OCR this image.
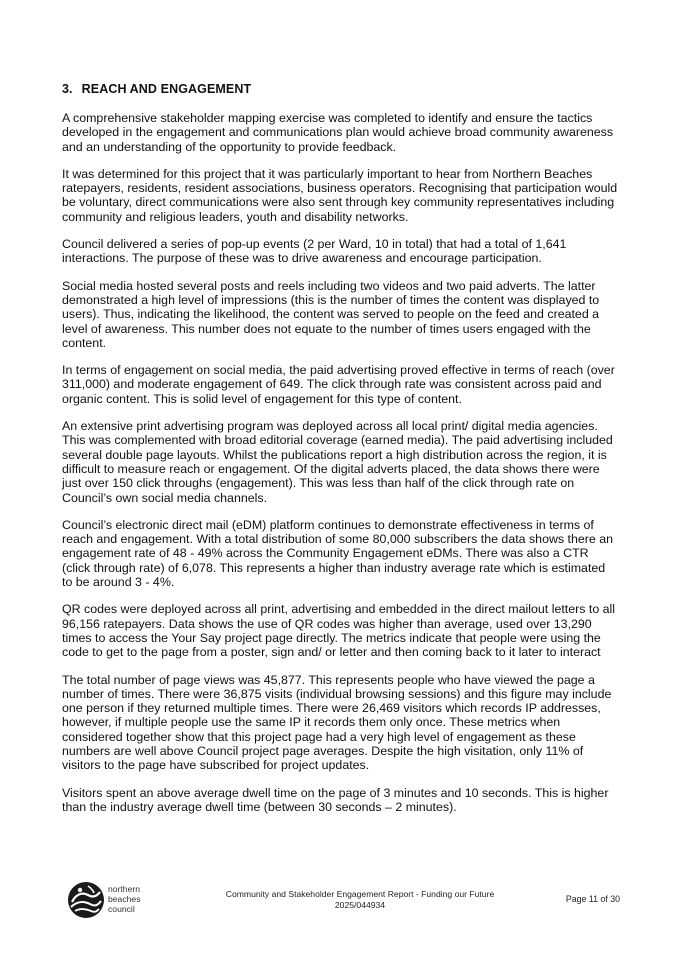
3. REACH AND ENGAGEMENT

A comprehensive stakeholder mapping exercise was completed to identify and ensure the tactics developed in the engagement and communications plan would achieve broad community awareness and an understanding of the opportunity to provide feedback.

It was determined for this project that it was particularly important to hear from Northern Beaches ratepayers, residents, resident associations, business operators. Recognising that participation would be voluntary, direct communications were also sent through key community representatives including community and religious leaders, youth and disability networks.

Council delivered a series of pop-up events (2 per Ward, 10 in total) that had a total of 1,641 interactions. The purpose of these was to drive awareness and encourage participation.

Social media hosted several posts and reels including two videos and two paid adverts. The latter demonstrated a high level of impressions (this is the number of times the content was displayed to users). Thus, indicating the likelihood, the content was served to people on the feed and created a level of awareness. This number does not equate to the number of times users engaged with the content.

In terms of engagement on social media, the paid advertising proved effective in terms of reach (over 311,000) and moderate engagement of 649. The click through rate was consistent across paid and organic content. This is solid level of engagement for this type of content.

An extensive print advertising program was deployed across all local print/ digital media agencies. This was complemented with broad editorial coverage (earned media). The paid advertising included several double page layouts. Whilst the publications report a high distribution across the region, it is difficult to measure reach or engagement. Of the digital adverts placed, the data shows there were just over 150 click throughs (engagement). This was less than half of the click through rate on Council’s own social media channels.

Council’s electronic direct mail (eDM) platform continues to demonstrate effectiveness in terms of reach and engagement. With a total distribution of some 80,000 subscribers the data shows there an engagement rate of 48 - 49% across the Community Engagement eDMs. There was also a CTR (click through rate) of 6,078. This represents a higher than industry average rate which is estimated to be around 3 - 4%.

QR codes were deployed across all print, advertising and embedded in the direct mailout letters to all 96,156 ratepayers. Data shows the use of QR codes was higher than average, used over 13,290 times to access the Your Say project page directly. The metrics indicate that people were using the code to get to the page from a poster, sign and/ or letter and then coming back to it later to interact

The total number of page views was 45,877. This represents people who have viewed the page a number of times. There were 36,875 visits (individual browsing sessions) and this figure may include one person if they returned multiple times. There were 26,469 visitors which records IP addresses, however, if multiple people use the same IP it records them only once. These metrics when considered together show that this project page had a very high level of engagement as these numbers are well above Council project page averages. Despite the high visitation, only 11% of visitors to the page have subscribed for project updates.

Visitors spent an above average dwell time on the page of 3 minutes and 10 seconds. This is higher than the industry average dwell time (between 30 seconds – 2 minutes).

northern
beaches
council
Community and Stakeholder Engagement Report - Funding our Future
2025/044934
Page 11 of 30
